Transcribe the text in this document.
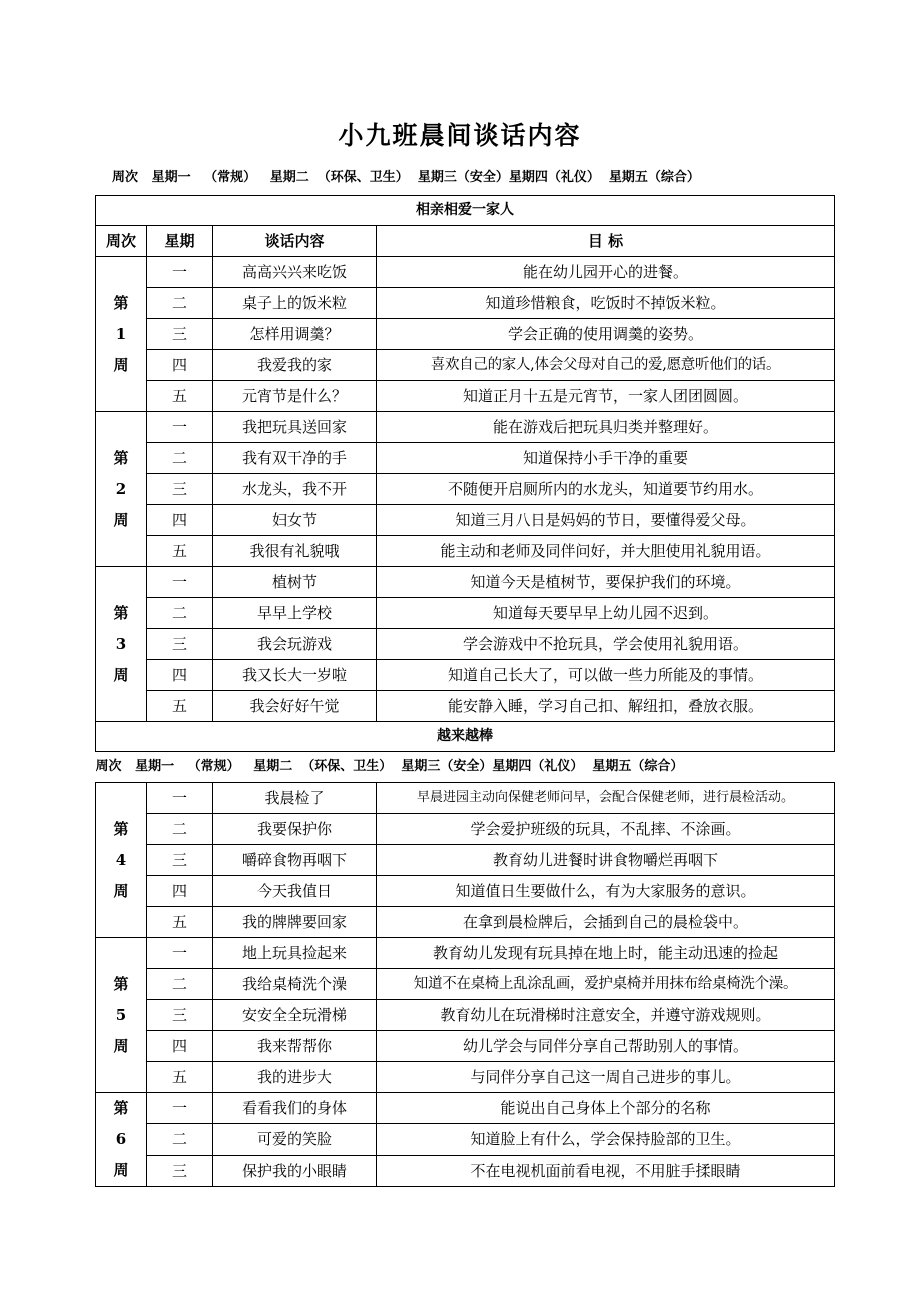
小九班晨间谈话内容
周次   星期一   （常规）   星期二  （环保、卫生）  星期三（安全）星期四（礼仪）  星期五（综合）
相亲相爱一家人			
周次	星期	谈话内容	目 标

第
1
周	一	高高兴兴来吃饭	能在幼儿园开心的进餐。
	二	桌子上的饭米粒	知道珍惜粮食，吃饭时不掉饭米粒。
	三	怎样用调羹？	学会正确的使用调羹的姿势。
	四	我爱我的家	喜欢自己的家人,体会父母对自己的爱,愿意听他们的话。
	五	元宵节是什么？	知道正月十五是元宵节，一家人团团圆圆。

第
2
周	一	我把玩具送回家	能在游戏后把玩具归类并整理好。
	二	我有双干净的手	知道保持小手干净的重要
	三	水龙头，我不开	不随便开启厕所内的水龙头，知道要节约用水。
	四	妇女节	知道三月八日是妈妈的节日，要懂得爱父母。
	五	我很有礼貌哦	能主动和老师及同伴问好，并大胆使用礼貌用语。

第
3
周	一	植树节	知道今天是植树节，要保护我们的环境。
	二	早早上学校	知道每天要早早上幼儿园不迟到。
	三	我会玩游戏	学会游戏中不抢玩具，学会使用礼貌用语。
	四	我又长大一岁啦	知道自己长大了，可以做一些力所能及的事情。
	五	我会好好午觉	能安静入睡，学习自己扣、解纽扣，叠放衣服。
越来越棒			
周次   星期一   （常规）   星期二  （环保、卫生）  星期三（安全）星期四（礼仪）  星期五（综合）			

第
4
周	一	我晨检了	早晨进园主动向保健老师问早，会配合保健老师，进行晨检活动。
	二	我要保护你	学会爱护班级的玩具，不乱摔、不涂画。
	三	嚼碎食物再咽下	教育幼儿进餐时讲食物嚼烂再咽下
	四	今天我值日	知道值日生要做什么，有为大家服务的意识。
	五	我的牌牌要回家	在拿到晨检牌后，会插到自己的晨检袋中。

第
5
周	一	地上玩具捡起来	教育幼儿发现有玩具掉在地上时，能主动迅速的捡起
	二	我给桌椅洗个澡	知道不在桌椅上乱涂乱画，爱护桌椅并用抹布给桌椅洗个澡。
	三	安安全全玩滑梯	教育幼儿在玩滑梯时注意安全，并遵守游戏规则。
	四	我来帮帮你	幼儿学会与同伴分享自己帮助别人的事情。
	五	我的进步大	与同伴分享自己这一周自己进步的事儿。

第
6
周	一	看看我们的身体	能说出自己身体上个部分的名称
	二	可爱的笑脸	知道脸上有什么，学会保持脸部的卫生。
	三	保护我的小眼睛	不在电视机面前看电视，不用脏手揉眼睛
